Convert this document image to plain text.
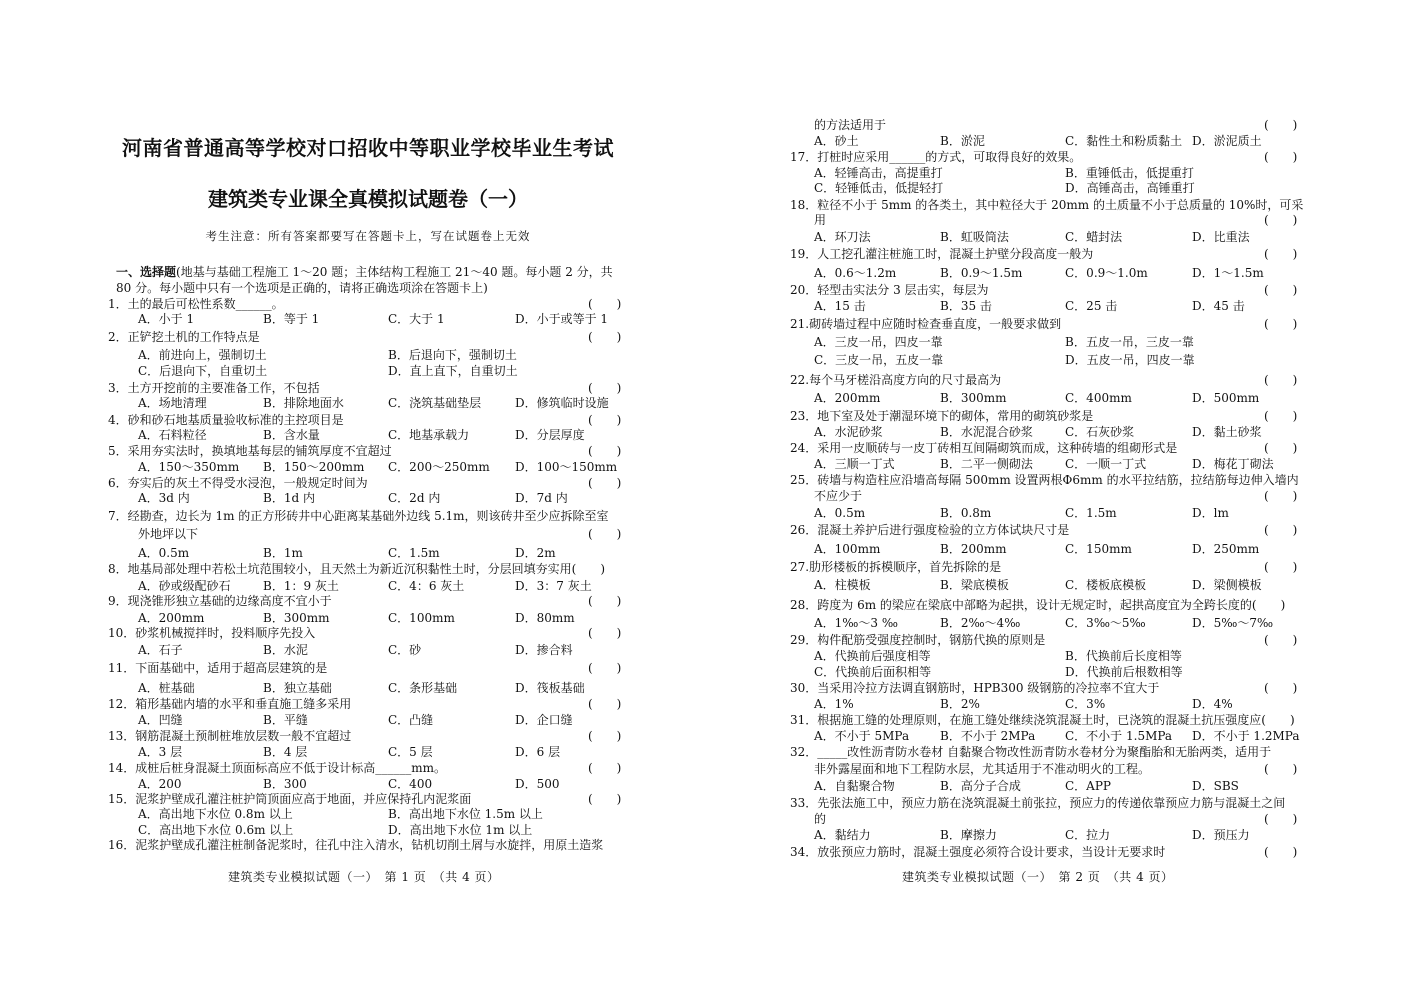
河南省普通高等学校对口招收中等职业学校毕业生考试
建筑类专业课全真模拟试题卷（一）
考生注意：所有答案都要写在答题卡上，写在试题卷上无效
一、选择题(地基与基础工程施工 1～20 题；主体结构工程施工 21～40 题。每小题 2 分，共 80 分。每小题中只有一个选项是正确的，请将正确选项涂在答题卡上)
1．土的最后可松性系数______。	(　　)
A．小于 1	B．等于 1	C．大于 1	D．小于或等于 1
2．正铲挖土机的工作特点是	(　　)
A．前进向上，强制切土	B．后退向下，强制切土
C．后退向下，自重切土	D．直上直下，自重切土
3．土方开挖前的主要准备工作，不包括	(　　)
A．场地清理	B．排除地面水	C．浇筑基础垫层	D．修筑临时设施
4．砂和砂石地基质量验收标准的主控项目是	(　　)
A．石料粒径	B．含水量	C．地基承载力	D．分层厚度
5．采用夯实法时，换填地基每层的铺筑厚度不宜超过	(　　)
A．150～350mm B．150～200mm C．200～250mm D．100～150mm
6．夯实后的灰土不得受水浸泡，一般规定时间为	(　　)
A．3d 内	B．1d 内	C．2d 内	D．7d 内
7．经勘查，边长为 1m 的正方形砖井中心距离某基础外边线 5.1m，则该砖井至少应拆除至室
外地坪以下	(　　)
A．0.5m	B．1m	C．1.5m	D．2m
8．地基局部处理中若松土坑范围较小，且天然土为新近沉积黏性土时，分层回填夯实用(　　)
A．砂或级配砂石	B．1：9 灰土	C．4：6 灰土	D．3：7 灰土
9．现浇锥形独立基础的边缘高度不宜小于	(　　)
A．200mm	B．300mm	C．100mm	D．80mm
10．砂浆机械搅拌时，投料顺序先投入	(　　)
A．石子	B．水泥	C．砂	D．掺合料
11．下面基础中，适用于超高层建筑的是	(　　)
A．桩基础	B．独立基础	C．条形基础	D．筏板基础
12．箱形基础内墙的水平和垂直施工缝多采用	(　　)
A．凹缝	B．平缝	C．凸缝	D．企口缝
13．钢筋混凝土预制桩堆放层数一般不宜超过	(　　)
A．3 层	B．4 层	C．5 层	D．6 层
14．成桩后桩身混凝土顶面标高应不低于设计标高______mm。	(　　)
A．200	B．300	C．400	D．500
15．泥浆护壁成孔灌注桩护筒顶面应高于地面，并应保持孔内泥浆面	(　　)
A．高出地下水位 0.8m 以上	B．高出地下水位 1.5m 以上
C．高出地下水位 0.6m 以上	D．高出地下水位 1m 以上
16．泥浆护壁成孔灌注桩制备泥浆时，往孔中注入清水，钻机切削土屑与水旋拌，用原土造浆
建筑类专业模拟试题（一）　第 1 页　（共 4 页）
的方法适用于	(　　)
A．砂土	B．淤泥	C．黏性土和粉质黏土 D．淤泥质土
17．打桩时应采用______的方式，可取得良好的效果。	(　　)
A．轻锤高击，高提重打	B．重锤低击，低提重打
C．轻锤低击，低提轻打	D．高锤高击，高锤重打
18．粒径不小于 5mm 的各类土，其中粒径大于 20mm 的土质量不小于总质量的 10%时，可采
用	(　　)
A．环刀法	B．虹吸筒法	C．蜡封法	D．比重法
19．人工挖孔灌注桩施工时，混凝土护壁分段高度一般为	(　　)
A．0.6～1.2m	B．0.9～1.5m	C．0.9～1.0m	D．1～1.5m
20．轻型击实法分 3 层击实，每层为	(　　)
A．15 击	B．35 击	C．25 击	D．45 击
21.砌砖墙过程中应随时检查垂直度，一般要求做到	(　　)
A．三皮一吊，四皮一靠	B．五皮一吊，三皮一靠
C．三皮一吊，五皮一靠	D．五皮一吊，四皮一靠
22.每个马牙槎沿高度方向的尺寸最高为	(　　)
A．200mm	B．300mm	C．400mm	D．500mm
23．地下室及处于潮湿环境下的砌体，常用的砌筑砂浆是	(　　)
A．水泥砂浆	B．水泥混合砂浆	C．石灰砂浆	D．黏土砂浆
24．采用一皮顺砖与一皮丁砖相互间隔砌筑而成，这种砖墙的组砌形式是	(　　)
A．三顺一丁式	B．二平一侧砌法	C．一顺一丁式	D．梅花丁砌法
25．砖墙与构造柱应沿墙高每隔 500mm 设置两根Φ6mm 的水平拉结筋，拉结筋每边伸入墙内
不应少于	(　　)
A．0.5m	B．0.8m	C．1.5m	D．lm
26．混凝土养护后进行强度检验的立方体试块尺寸是	(　　)
A．100mm	B．200mm	C．150mm	D．250mm
27.肋形楼板的拆模顺序，首先拆除的是	(　　)
A．柱模板	B．梁底模板	C．楼板底模板	D．梁侧模板
28．跨度为 6m 的梁应在梁底中部略为起拱，设计无规定时，起拱高度宜为全跨长度的(　　)
A．1‰～3 ‰	B．2‰～4‰	C．3‰～5‰	D．5‰～7‰
29．构件配筋受强度控制时，钢筋代换的原则是	(　　)
A．代换前后强度相等	B．代换前后长度相等
C．代换前后面积相等	D．代换前后根数相等
30．当采用冷拉方法调直钢筋时，HPB300 级钢筋的冷拉率不宜大于	(　　)
A．1%	B．2%	C．3%	D．4%
31．根据施工缝的处理原则，在施工缝处继续浇筑混凝土时，已浇筑的混凝土抗压强度应(　　)
A．不小于 5MPa	B．不小于 2MPa C．不小于 1.5MPa D．不小于 1.2MPa
32．_____改性沥青防水卷材 自黏聚合物改性沥青防水卷材分为聚酯胎和无胎两类，适用于
非外露屋面和地下工程防水层，尤其适用于不准动明火的工程。	(　　)
A．自黏聚合物	B．高分子合成	C．APP	D．SBS
33．先张法施工中，预应力筋在浇筑混凝土前张拉，预应力的传递依靠预应力筋与混凝土之间
的	(　　)
A．黏结力	B．摩擦力	C．拉力	D．预压力
34．放张预应力筋时，混凝土强度必须符合设计要求，当设计无要求时	(　　)
建筑类专业模拟试题（一）　第 2 页　（共 4 页）
